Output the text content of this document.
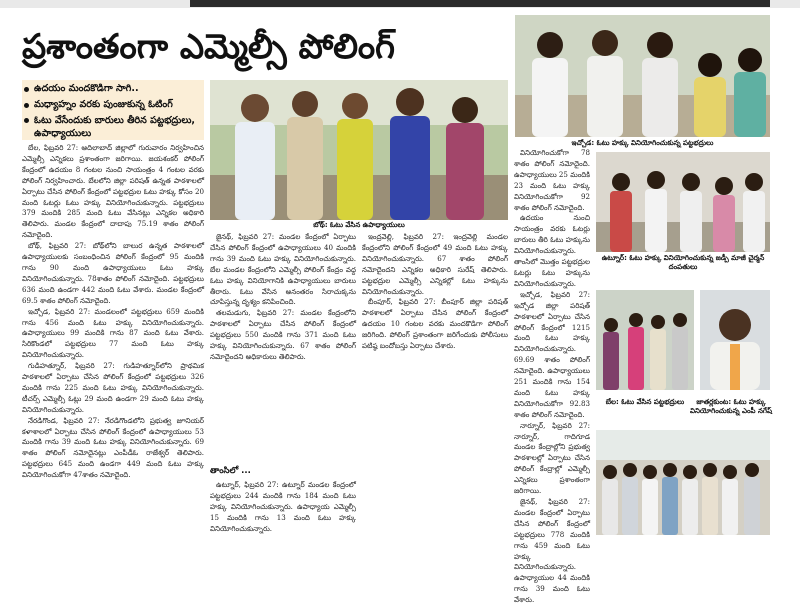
ప్రశాంతంగా ఎమ్మెల్సీ పోలింగ్
ఉదయం మందకొడిగా సాగి..
మధ్యాహ్నం వరకు పుంజుకున్న ఓటింగ్
ఓటు వేసేందుకు బారులు తీరిన పట్టభద్రులు, ఉపాధ్యాయులు
బోథ్: ఓటు వేసిన ఉపాధ్యాయులు
ఇచ్చోడ: ఓటు హక్కు వినియోగించుకున్న పట్టభద్రులు
ఉట్నూర్: ఓటు హక్కు వినియోగించుకున్న జడ్పీ మాజీ చైర్మన్ దంపతులు
బేల: ఓటు వేసిన పట్టభద్రులు	జాతర్లకుంట: ఓటు హక్కు వినియోగించుకున్న ఎంపీ నగేష్

బేల, ఫిబ్రవరి 27: ఆదిలాబాద్ జిల్లాలో గురువారం నిర్వహించిన ఎమ్మెల్సీ ఎన్నికలు ప్రశాంతంగా జరిగాయి. జయశంకర్ పోలింగ్ కేంద్రంలో ఉదయం 8 గంటల నుంచి సాయంత్రం 4 గంటల వరకు పోలింగ్ నిర్వహించారు. బేలలోని జిల్లా పరిషత్ ఉన్నత పాఠశాలలో ఏర్పాటు చేసిన పోలింగ్ కేంద్రంలో పట్టభద్రుల ఓటు హక్కు కోసం 20 మంది ఓటర్లు ఓటు హక్కు వినియోగించుకున్నారు. పట్టభద్రులు 379 మందికి 285 మంది ఓటు వేసినట్లు ఎన్నికల అధికారి తెలిపారు. మండల కేంద్రంలో దాదాపు 75.19 శాతం పోలింగ్ నమోదైంది.

బోథ్, ఫిబ్రవరి 27: బోథ్‌లోని బాలుర ఉన్నత పాఠశాలలో ఉపాధ్యాయులకు సంబంధించిన పోలింగ్ కేంద్రంలో 95 మందికి గాను 90 మంది ఉపాధ్యాయులు ఓటు హక్కు వినియోగించుకున్నారు. 78శాతం పోలింగ్ నమోదైంది. పట్టభద్రులు 636 మంది ఉండగా 442 మంది ఓటు వేశారు. మండల కేంద్రంలో 69.5 శాతం పోలింగ్ నమోదైంది.

ఇచ్చోడ, ఫిబ్రవరి 27: మండలంలో పట్టభద్రులు 659 మందికి గాను 456 మంది ఓటు హక్కు వినియోగించుకున్నారు. ఉపాధ్యాయులు 99 మందికి గాను 87 మంది ఓటు వేశారు. సిరికొండలో పట్టభద్రులు 77 మంది ఓటు హక్కు వినియోగించుకున్నారు.

గుడిహత్నూర్, ఫిబ్రవరి 27: గుడిహత్నూర్‌లోని ప్రాథమిక పాఠశాలలో ఏర్పాటు చేసిన పోలింగ్ కేంద్రంలో పట్టభద్రులు 326 మందికి గాను 225 మంది ఓటు హక్కు వినియోగించుకున్నారు. టీచర్స్ ఎమ్మెల్సీ ఓట్లు 29 మంది ఉండగా 29 మంది ఓటు హక్కు వినియోగించుకున్నారు.

నేరడిగొండ, ఫిబ్రవరి 27: నేరడిగొండలోని ప్రభుత్వ జూనియర్ కళాశాలలో ఏర్పాటు చేసిన పోలింగ్ కేంద్రంలో ఉపాధ్యాయులు 53 మందికి గాను 39 మంది ఓటు హక్కు వినియోగించుకున్నారు. 69 శాతం పోలింగ్ నమోదైనట్లు ఎంపీడీఓ రాజేశ్వర్ తెలిపారు. పట్టభద్రులు 645 మంది ఉండగా 449 మంది ఓటు హక్కు వినియోగించుకోగా 47శాతం నమోదైంది.

జైనథ్, ఫిబ్రవరి 27: మండల కేంద్రంలో ఏర్పాటు చేసిన పోలింగ్ కేంద్రంలో ఉపాధ్యాయులు 40 మందికి గాను 39 మంది ఓటు హక్కు వినియోగించుకున్నారు. బేల మండల కేంద్రంలోని ఎమ్మెల్సీ పోలింగ్ కేంద్రం వద్ద ఓటు హక్కు వినియోగానికి ఉపాధ్యాయులు బారులు తీరారు. ఓటు వేసిన అనంతరం సిరాచుక్కను చూపిస్తున్న దృశ్యం కనిపించింది.

తలమడుగు, ఫిబ్రవరి 27: మండల కేంద్రంలోని పాఠశాలలో ఏర్పాటు చేసిన పోలింగ్ కేంద్రంలో పట్టభద్రులు 550 మందికి గాను 371 మంది ఓటు హక్కు వినియోగించుకున్నారు. 67 శాతం పోలింగ్ నమోదైందని అధికారులు తెలిపారు.

తాంసిలో ...

ఉట్నూర్, ఫిబ్రవరి 27: ఉట్నూర్ మండల కేంద్రంలో పట్టభద్రులు 244 మందికి గాను 184 మంది ఓటు హక్కు వినియోగించుకున్నారు. ఉపాధ్యాయ ఎమ్మెల్సీ 15 మందికి గాను 13 మంది ఓటు హక్కు వినియోగించుకున్నారు.

ఇంద్రవెల్లి, ఫిబ్రవరి 27: ఇంద్రవెల్లి మండల కేంద్రంలోని పోలింగ్ కేంద్రంలో 49 మంది ఓటు హక్కు వినియోగించుకున్నారు. 67 శాతం పోలింగ్ నమోదైందని ఎన్నికల అధికారి సురేష్ తెలిపారు. పట్టభద్రుల ఎమ్మెల్సీ ఎన్నికల్లో ఓటు హక్కును వినియోగించుకున్నారు.

బీంపూర్, ఫిబ్రవరి 27: బీంపూర్ జిల్లా పరిషత్ పాఠశాలలో ఏర్పాటు చేసిన పోలింగ్ కేంద్రంలో ఉదయం 10 గంటల వరకు మందకొడిగా పోలింగ్ జరిగింది. పోలింగ్ ప్రశాంతంగా జరిగేందుకు పోలీసులు పటిష్ఠ బందోబస్తు ఏర్పాటు చేశారు.

వినియోగించుకోగా 78 శాతం పోలింగ్ నమోదైంది. ఉపాధ్యాయులు 25 మందికి 23 మంది ఓటు హక్కు వినియోగించుకోగా 92 శాతం పోలింగ్ నమోదైంది.

ఉదయం నుంచి సాయంత్రం వరకు ఓటర్లు బారులు తీరి ఓటు హక్కును వినియోగించుకున్నారు. తాంసిలో మొత్తం పట్టభద్రుల ఓటర్లు ఓటు హక్కును వినియోగించుకున్నారు.

ఇచ్చోడ, ఫిబ్రవరి 27: ఇచ్చోడ జిల్లా పరిషత్ పాఠశాలలో ఏర్పాటు చేసిన పోలింగ్ కేంద్రంలో 1215 మంది ఓటు హక్కు వినియోగించుకున్నారు. 69.69 శాతం పోలింగ్ నమోదైంది. ఉపాధ్యాయులు 251 మందికి గాను 154 మంది ఓటు హక్కు వినియోగించుకోగా 92.83 శాతం పోలింగ్ నమోదైంది.

నార్నూర్, ఫిబ్రవరి 27: నార్నూర్, గాదిగూడ మండల కేంద్రాల్లోని ప్రభుత్వ పాఠశాలల్లో ఏర్పాటు చేసిన పోలింగ్ కేంద్రాల్లో ఎమ్మెల్సీ ఎన్నికలు ప్రశాంతంగా జరిగాయి.

జైనథ్, ఫిబ్రవరి 27: మండల కేంద్రంలో ఏర్పాటు చేసిన పోలింగ్ కేంద్రంలో పట్టభద్రులు 778 మందికి గాను 459 మంది ఓటు హక్కు వినియోగించుకున్నారు. ఉపాధ్యాయుల 44 మందికి గాను 39 మంది ఓటు వేశారు.
